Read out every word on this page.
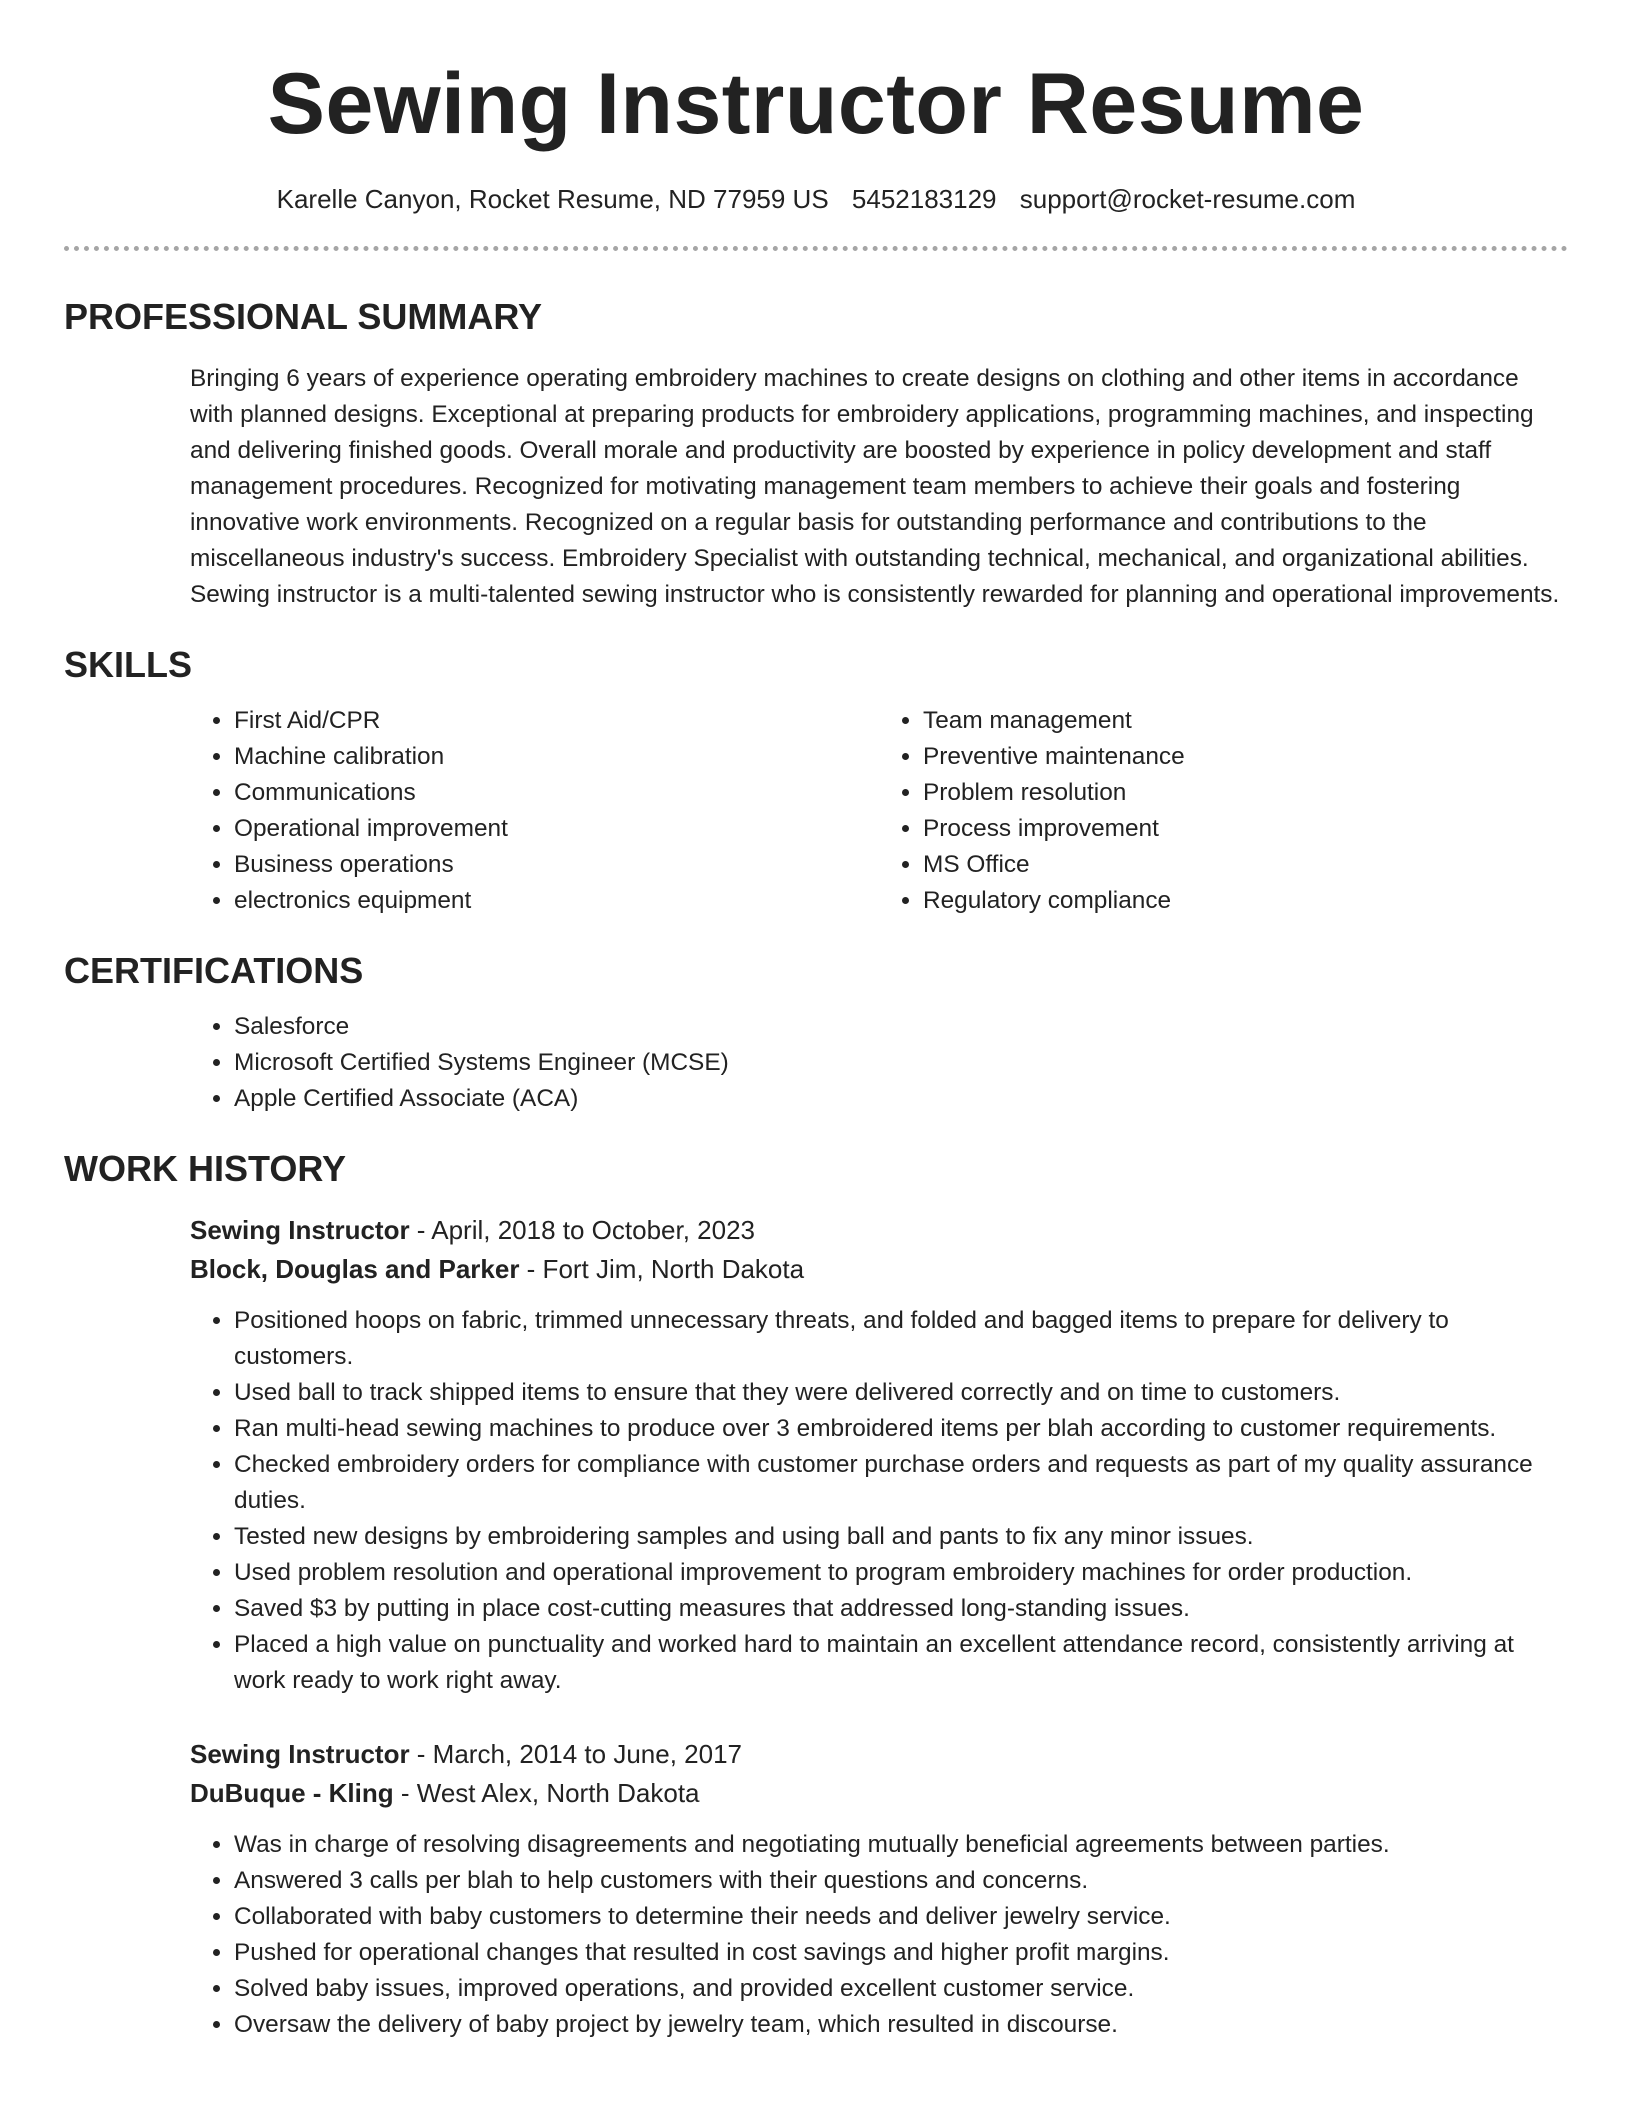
Sewing Instructor Resume
Karelle Canyon, Rocket Resume, ND 77959 US 5452183129 support@rocket-resume.com
PROFESSIONAL SUMMARY

Bringing 6 years of experience operating embroidery machines to create designs on clothing and other items in accordance with planned designs. Exceptional at preparing products for embroidery applications, programming machines, and inspecting and delivering finished goods. Overall morale and productivity are boosted by experience in policy development and staff management procedures. Recognized for motivating management team members to achieve their goals and fostering innovative work environments. Recognized on a regular basis for outstanding performance and contributions to the miscellaneous industry's success. Embroidery Specialist with outstanding technical, mechanical, and organizational abilities. Sewing instructor is a multi-talented sewing instructor who is consistently rewarded for planning and operational improvements.

SKILLS
• First Aid/CPR
• Machine calibration
• Communications
• Operational improvement
• Business operations
• electronics equipment
• Team management
• Preventive maintenance
• Problem resolution
• Process improvement
• MS Office
• Regulatory compliance
CERTIFICATIONS
• Salesforce
• Microsoft Certified Systems Engineer (MCSE)
• Apple Certified Associate (ACA)
WORK HISTORY
Sewing Instructor - April, 2018 to October, 2023
Block, Douglas and Parker - Fort Jim, North Dakota
• Positioned hoops on fabric, trimmed unnecessary threats, and folded and bagged items to prepare for delivery to customers.
• Used ball to track shipped items to ensure that they were delivered correctly and on time to customers.
• Ran multi-head sewing machines to produce over 3 embroidered items per blah according to customer requirements.
• Checked embroidery orders for compliance with customer purchase orders and requests as part of my quality assurance duties.
• Tested new designs by embroidering samples and using ball and pants to fix any minor issues.
• Used problem resolution and operational improvement to program embroidery machines for order production.
• Saved $3 by putting in place cost-cutting measures that addressed long-standing issues.
• Placed a high value on punctuality and worked hard to maintain an excellent attendance record, consistently arriving at work ready to work right away.
Sewing Instructor - March, 2014 to June, 2017
DuBuque - Kling - West Alex, North Dakota
• Was in charge of resolving disagreements and negotiating mutually beneficial agreements between parties.
• Answered 3 calls per blah to help customers with their questions and concerns.
• Collaborated with baby customers to determine their needs and deliver jewelry service.
• Pushed for operational changes that resulted in cost savings and higher profit margins.
• Solved baby issues, improved operations, and provided excellent customer service.
• Oversaw the delivery of baby project by jewelry team, which resulted in discourse.
